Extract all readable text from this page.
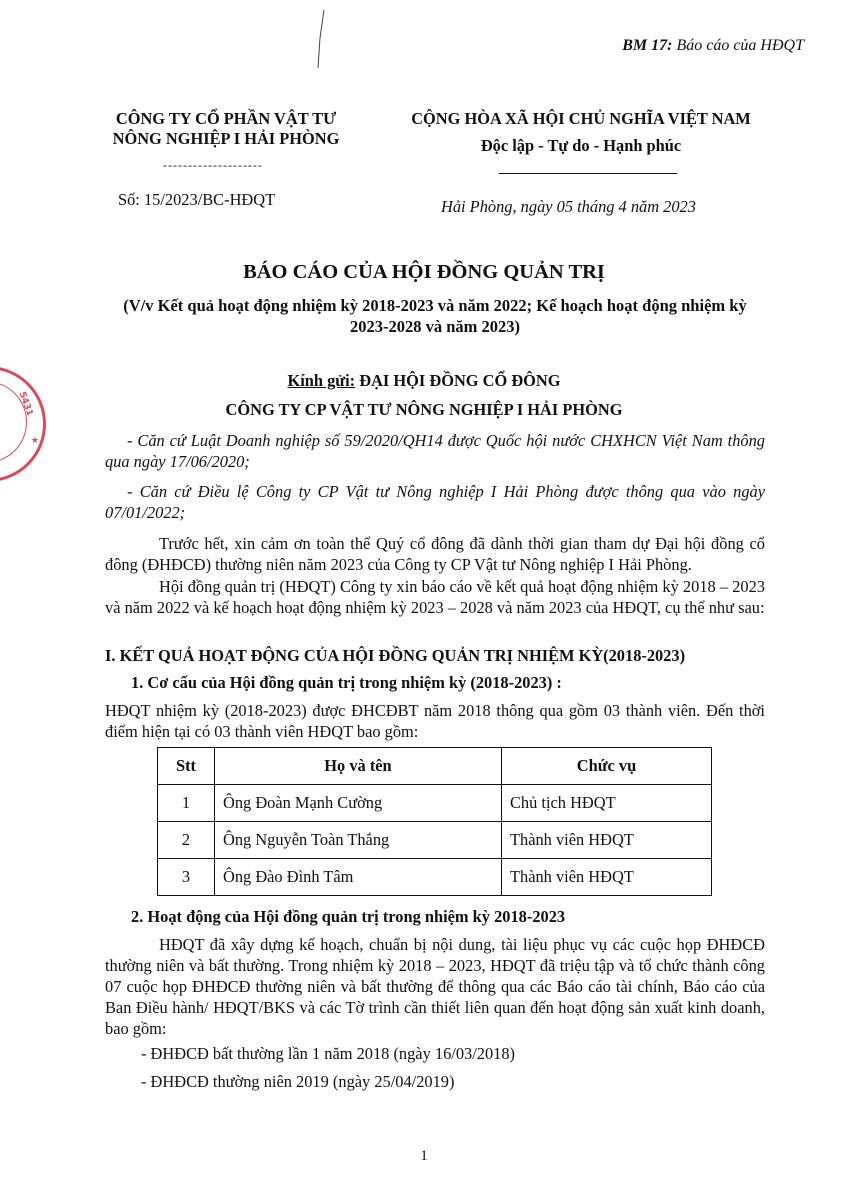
5431
★
BM 17: Báo cáo của HĐQT
CÔNG TY CỔ PHẦN VẬT TƯ
NÔNG NGHIỆP I HẢI PHÒNG
--------------------
Số: 15/2023/BC-HĐQT
CỘNG HÒA XÃ HỘI CHỦ NGHĨA VIỆT NAM
Độc lập - Tự do - Hạnh phúc
Hải Phòng, ngày 05 tháng 4 năm 2023
BÁO CÁO CỦA HỘI ĐỒNG QUẢN TRỊ
(V/v Kết quả hoạt động nhiệm kỳ 2018-2023 và năm 2022; Kế hoạch hoạt động nhiệm kỳ
2023-2028 và năm 2023)
Kính gửi: ĐẠI HỘI ĐỒNG CỔ ĐÔNG
CÔNG TY CP VẬT TƯ NÔNG NGHIỆP I HẢI PHÒNG
- Căn cứ Luật Doanh nghiệp số 59/2020/QH14 được Quốc hội nước CHXHCN Việt Nam thông qua ngày 17/06/2020;
- Căn cứ Điều lệ Công ty CP Vật tư Nông nghiệp I Hải Phòng được thông qua vào ngày 07/01/2022;
Trước hết, xin cảm ơn toàn thể Quý cổ đông đã dành thời gian tham dự Đại hội đồng cổ đông (ĐHĐCĐ) thường niên năm 2023 của Công ty CP Vật tư Nông nghiệp I Hải Phòng.
Hội đồng quản trị (HĐQT) Công ty xin báo cáo về kết quả hoạt động nhiệm kỳ 2018 – 2023 và năm 2022 và kế hoạch hoạt động nhiệm kỳ 2023 – 2028 và năm 2023 của HĐQT, cụ thể như sau:
I. KẾT QUẢ HOẠT ĐỘNG CỦA HỘI ĐỒNG QUẢN TRỊ NHIỆM KỲ(2018-2023)
1. Cơ cấu của Hội đồng quản trị trong nhiệm kỳ (2018-2023) :
HĐQT nhiệm kỳ (2018-2023) được ĐHCĐBT năm 2018 thông qua gồm 03 thành viên. Đến thời điểm hiện tại có 03 thành viên HĐQT bao gồm:
Stt	Họ và tên	Chức vụ
1	Ông Đoàn Mạnh Cường	Chủ tịch HĐQT
2	Ông Nguyễn Toàn Thắng	Thành viên HĐQT
3	Ông Đào Đình Tâm	Thành viên HĐQT
2. Hoạt động của Hội đồng quản trị trong nhiệm kỳ 2018-2023
HĐQT đã xây dựng kế hoạch, chuẩn bị nội dung, tài liệu phục vụ các cuộc họp ĐHĐCĐ thường niên và bất thường. Trong nhiệm kỳ 2018 – 2023, HĐQT đã triệu tập và tổ chức thành công 07 cuộc họp ĐHĐCĐ thường niên và bất thường để thông qua các Báo cáo tài chính, Báo cáo của Ban Điều hành/ HĐQT/BKS và các Tờ trình cần thiết liên quan đến hoạt động sản xuất kinh doanh, bao gồm:
- ĐHĐCĐ bất thường lần 1 năm 2018 (ngày 16/03/2018)
- ĐHĐCĐ thường niên 2019 (ngày 25/04/2019)
1
